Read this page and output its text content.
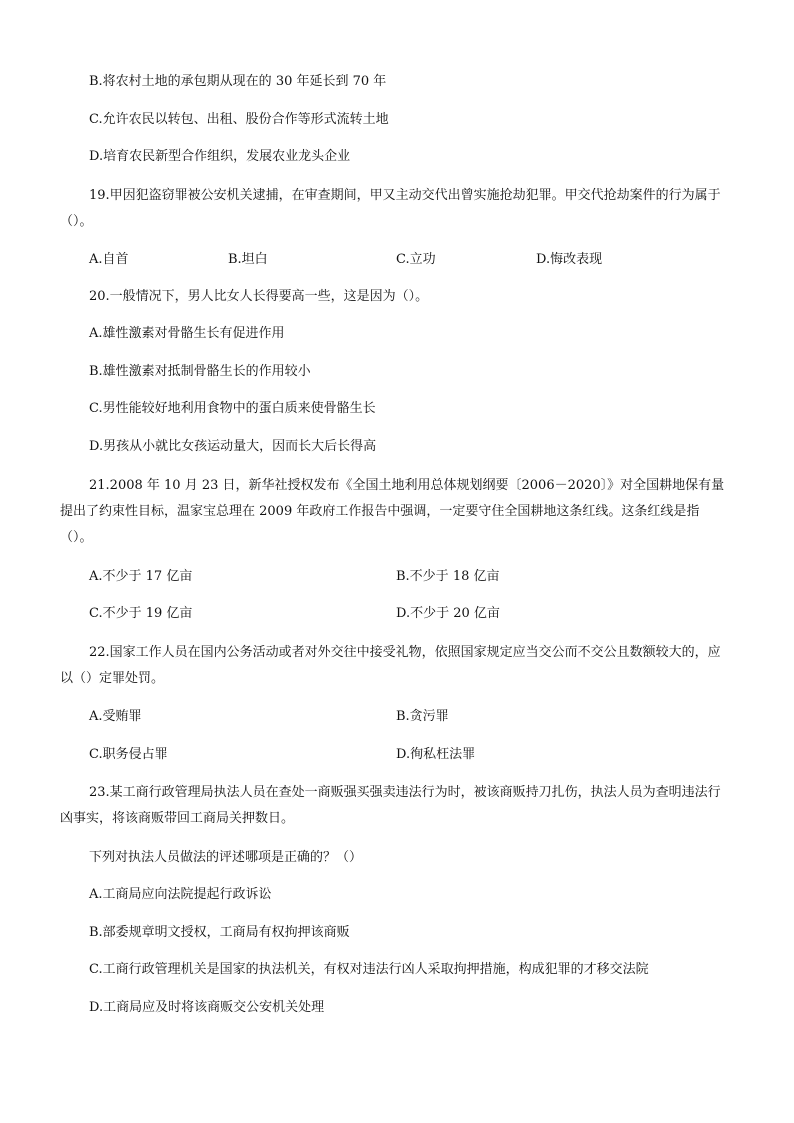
B.将农村土地的承包期从现在的 30 年延长到 70 年
C.允许农民以转包、出租、股份合作等形式流转土地
D.培育农民新型合作组织，发展农业龙头企业
19.甲因犯盗窃罪被公安机关逮捕，在审查期间，甲又主动交代出曾实施抢劫犯罪。甲交代抢劫案件的行为属于（）。
A.自首	B.坦白	C.立功	D.悔改表现
20.一般情况下，男人比女人长得要高一些，这是因为（）。
A.雄性激素对骨骼生长有促进作用
B.雄性激素对抵制骨骼生长的作用较小
C.男性能较好地利用食物中的蛋白质来使骨骼生长
D.男孩从小就比女孩运动量大，因而长大后长得高
21.2008 年 10 月 23 日，新华社授权发布《全国土地利用总体规划纲要〔2006－2020〕》对全国耕地保有量提出了约束性目标，温家宝总理在 2009 年政府工作报告中强调，一定要守住全国耕地这条红线。这条红线是指（）。
A.不少于 17 亿亩	B.不少于 18 亿亩
C.不少于 19 亿亩	D.不少于 20 亿亩
22.国家工作人员在国内公务活动或者对外交往中接受礼物，依照国家规定应当交公而不交公且数额较大的，应以（）定罪处罚。
A.受贿罪	B.贪污罪
C.职务侵占罪	D.徇私枉法罪
23.某工商行政管理局执法人员在查处一商贩强买强卖违法行为时，被该商贩持刀扎伤，执法人员为查明违法行凶事实，将该商贩带回工商局关押数日。
下列对执法人员做法的评述哪项是正确的？（）
A.工商局应向法院提起行政诉讼
B.部委规章明文授权，工商局有权拘押该商贩
C.工商行政管理机关是国家的执法机关，有权对违法行凶人采取拘押措施，构成犯罪的才移交法院
D.工商局应及时将该商贩交公安机关处理
